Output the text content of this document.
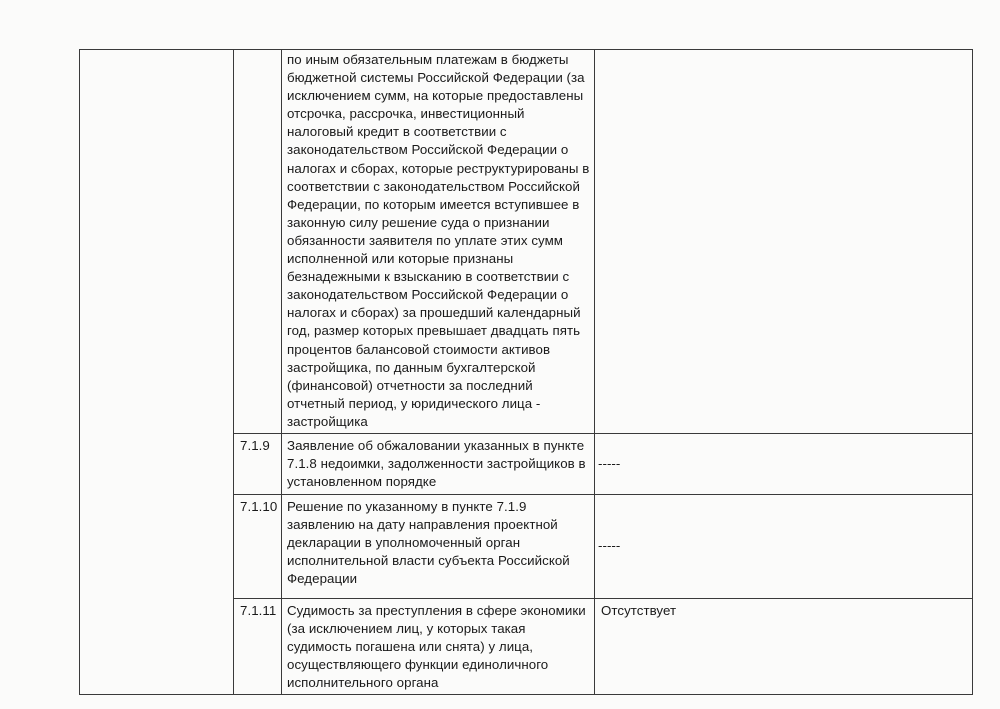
		по иным обязательным платежам в бюджеты бюджетной системы Российской Федерации (за исключением сумм, на которые предоставлены отсрочка, рассрочка, инвестиционный налоговый кредит в соответствии с законодательством Российской Федерации о налогах и сборах, которые реструктурированы в соответствии с законодательством Российской Федерации, по которым имеется вступившее в законную силу решение суда о признании обязанности заявителя по уплате этих сумм исполненной или которые признаны безнадежными к взысканию в соответствии с законодательством Российской Федерации о налогах и сборах) за прошедший календарный год, размер которых превышает двадцать пять процентов балансовой стоимости активов застройщика, по данным бухгалтерской (финансовой) отчетности за последний отчетный период, у юридического лица - застройщика	

	7.1.9	Заявление об обжаловании указанных в пункте 7.1.8 недоимки, задолженности застройщиков в установленном порядке	-----
	7.1.10	Решение по указанному в пункте 7.1.9 заявлению на дату направления проектной декларации в уполномоченный орган исполнительной власти субъекта Российской Федерации	-----
	7.1.11	Судимость за преступления в сфере экономики (за исключением лиц, у которых такая судимость погашена или снята) у лица, осуществляющего функции единоличного исполнительного органа	Отсутствует
